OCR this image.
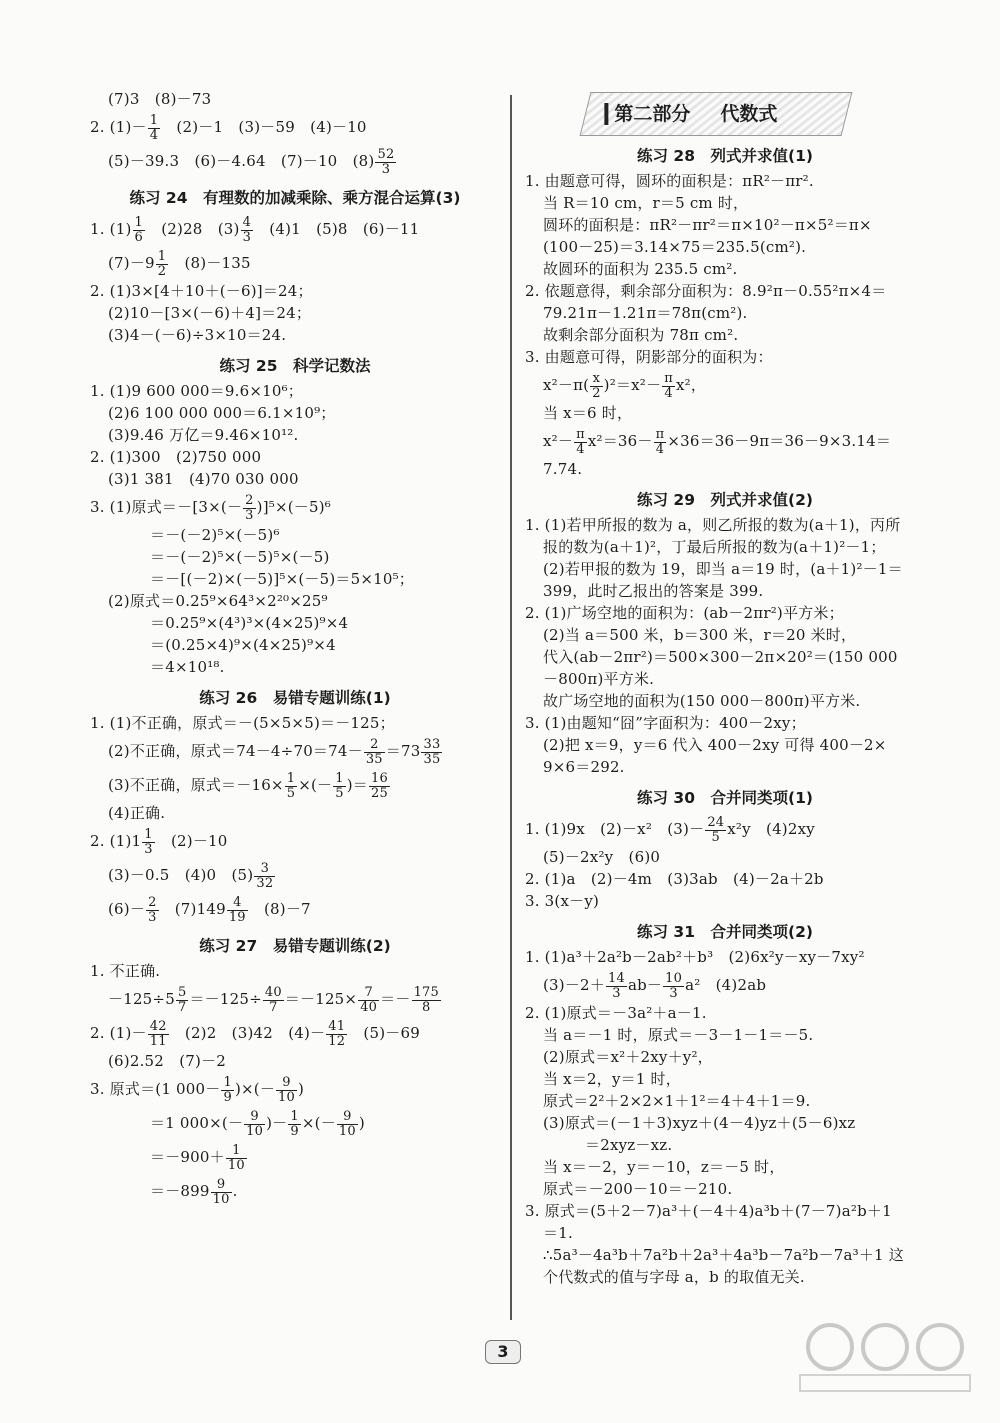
(7)3　(8)－73
2. $(1)- \frac{1}{4}$ 　(2)－1　(3)－59　(4)－10
(5)－39.3　(6)－4.64　(7)－10　$(8) \frac{52}{3}$
练习 24　有理数的加减乘除、乘方混合运算(3)
1. $(1) \frac{1}{6}$ 　(2)28　$(3) \frac{4}{3}$ 　(4)1　(5)8　(6)－11
$(7)-9 \frac{1}{2}$ 　(8)－135
2. (1)3×[4＋10＋(－6)]＝24；
(2)10－[3×(－6)＋4]＝24；
(3)4－(－6)÷3×10＝24.
练习 25　科学记数法
1. (1)9 600 000＝9.6×10⁶；
(2)6 100 000 000＝6.1×10⁹；
(3)9.46 万亿＝9.46×10¹².
2. (1)300　(2)750 000
(3)1 381　(4)70 030 000
3. (1)原式$=-[3\times(- \frac{2}{3} )]^5\times(-5)^6$
＝－(－2)⁵×(－5)⁶
＝－(－2)⁵×(－5)⁵×(－5)
＝－[(－2)×(－5)]⁵×(－5)＝5×10⁵；
(2)原式＝0.25⁹×64³×2²⁰×25⁹
＝0.25⁹×(4³)³×(4×25)⁹×4
＝(0.25×4)⁹×(4×25)⁹×4
＝4×10¹⁸.
练习 26　易错专题训练(1)
1. (1)不正确，原式＝－(5×5×5)＝－125；
(2)不正确，原式$=74-4\div 70=74- \frac{2}{35} =73 \frac{33}{35}$
(3)不正确，原式$=-16\times \frac{1}{5}$ ×(－ $\frac{1}{5}$ )＝ $\frac{16}{25}$
(4)正确.
2. $(1)1 \frac{1}{3}$ 　(2)－10
(3)－0.5　(4)0　$(5) \frac{3}{32}$
$(6)- \frac{2}{3}$ 　$(7)149 \frac{4}{19}$ 　(8)－7
练习 27　易错专题训练(2)
1. 不正确.
$-125\div 5 \frac{5}{7} =-125\div \frac{40}{7} =-125\times \frac{7}{40} =- \frac{175}{8}$
2. $(1)- \frac{42}{11}$ 　(2)2　(3)42　$(4)- \frac{41}{12}$ 　(5)－69
(6)2.52　(7)－2
3. 原式＝(1 $000- \frac{1}{9}$ )×(－ $\frac{9}{10}$ )
＝1 $000\times(- \frac{9}{10}$ )－ $\frac{1}{9}$ ×(－ $\frac{9}{10}$ )
$=-900+ \frac{1}{10}$
$=-899 \frac{9}{10}$ .
第二部分 代数式
练习 28　列式并求值(1)
1. 由题意可得，圆环的面积是：πR²－πr².
当 R＝10 cm，r＝5 cm 时，
圆环的面积是：πR²－πr²＝π×10²－π×5²＝π×
(100－25)＝3.14×75＝235.5(cm²).
故圆环的面积为 235.5 cm².
2. 依题意得，剩余部分面积为：8.9²π－0.55²π×4＝
79.21π－1.21π＝78π(cm²).
故剩余部分面积为 78π cm².
3. 由题意可得，阴影部分的面积为：
$x^2-\pi( \frac{x}{2} )^2=x^2- \frac{\pi}{4} x^2$，
当 x＝6 时，
$x^2- \frac{\pi}{4} x^2=36- \frac{\pi}{4} \times 36=36-9\pi=36-9\times 3.14=$
7.74.
练习 29　列式并求值(2)
1. (1)若甲所报的数为 a，则乙所报的数为(a＋1)，丙所
报的数为(a＋1)²，丁最后所报的数为(a＋1)²－1；
(2)若甲报的数为 19，即当 a＝19 时，(a＋1)²－1＝
399，此时乙报出的答案是 399.
2. (1)广场空地的面积为：(ab－2πr²)平方米；
(2)当 a＝500 米，b＝300 米，r＝20 米时，
代入(ab－2πr²)＝500×300－2π×20²＝(150 000
－800π)平方米.
故广场空地的面积为(150 000－800π)平方米.
3. (1)由题知“囧”字面积为：400－2xy；
(2)把 x＝9，y＝6 代入 400－2xy 可得 400－2×
9×6＝292.
练习 30　合并同类项(1)
1. (1)9x　(2)－x²　$(3)- \frac{24}{5} x^2y$　(4)2xy
(5)－2x²y　(6)0
2. (1)a　(2)－4m　(3)3ab　(4)－2a＋2b
3. 3(x－y)
练习 31　合并同类项(2)
1. (1)a³＋2a²b－2ab²＋b³　(2)6x²y－xy－7xy²
$(3)-2+ \frac{14}{3} ab- \frac{10}{3} a^2$　(4)2ab
2. (1)原式＝－3a²＋a－1.
当 a＝－1 时，原式＝－3－1－1＝－5.
(2)原式＝x²＋2xy＋y²，
当 x＝2，y＝1 时，
原式＝2²＋2×2×1＋1²＝4＋4＋1＝9.
(3)原式＝(－1＋3)xyz＋(4－4)yz＋(5－6)xz
＝2xyz－xz.
当 x＝－2，y＝－10，z＝－5 时，
原式＝－200－10＝－210.
3. 原式＝(5＋2－7)a³＋(－4＋4)a³b＋(7－7)a²b＋1
＝1.
∴5a³－4a³b＋7a²b＋2a³＋4a³b－7a²b－7a³＋1 这
个代数式的值与字母 a，b 的取值无关.
3
